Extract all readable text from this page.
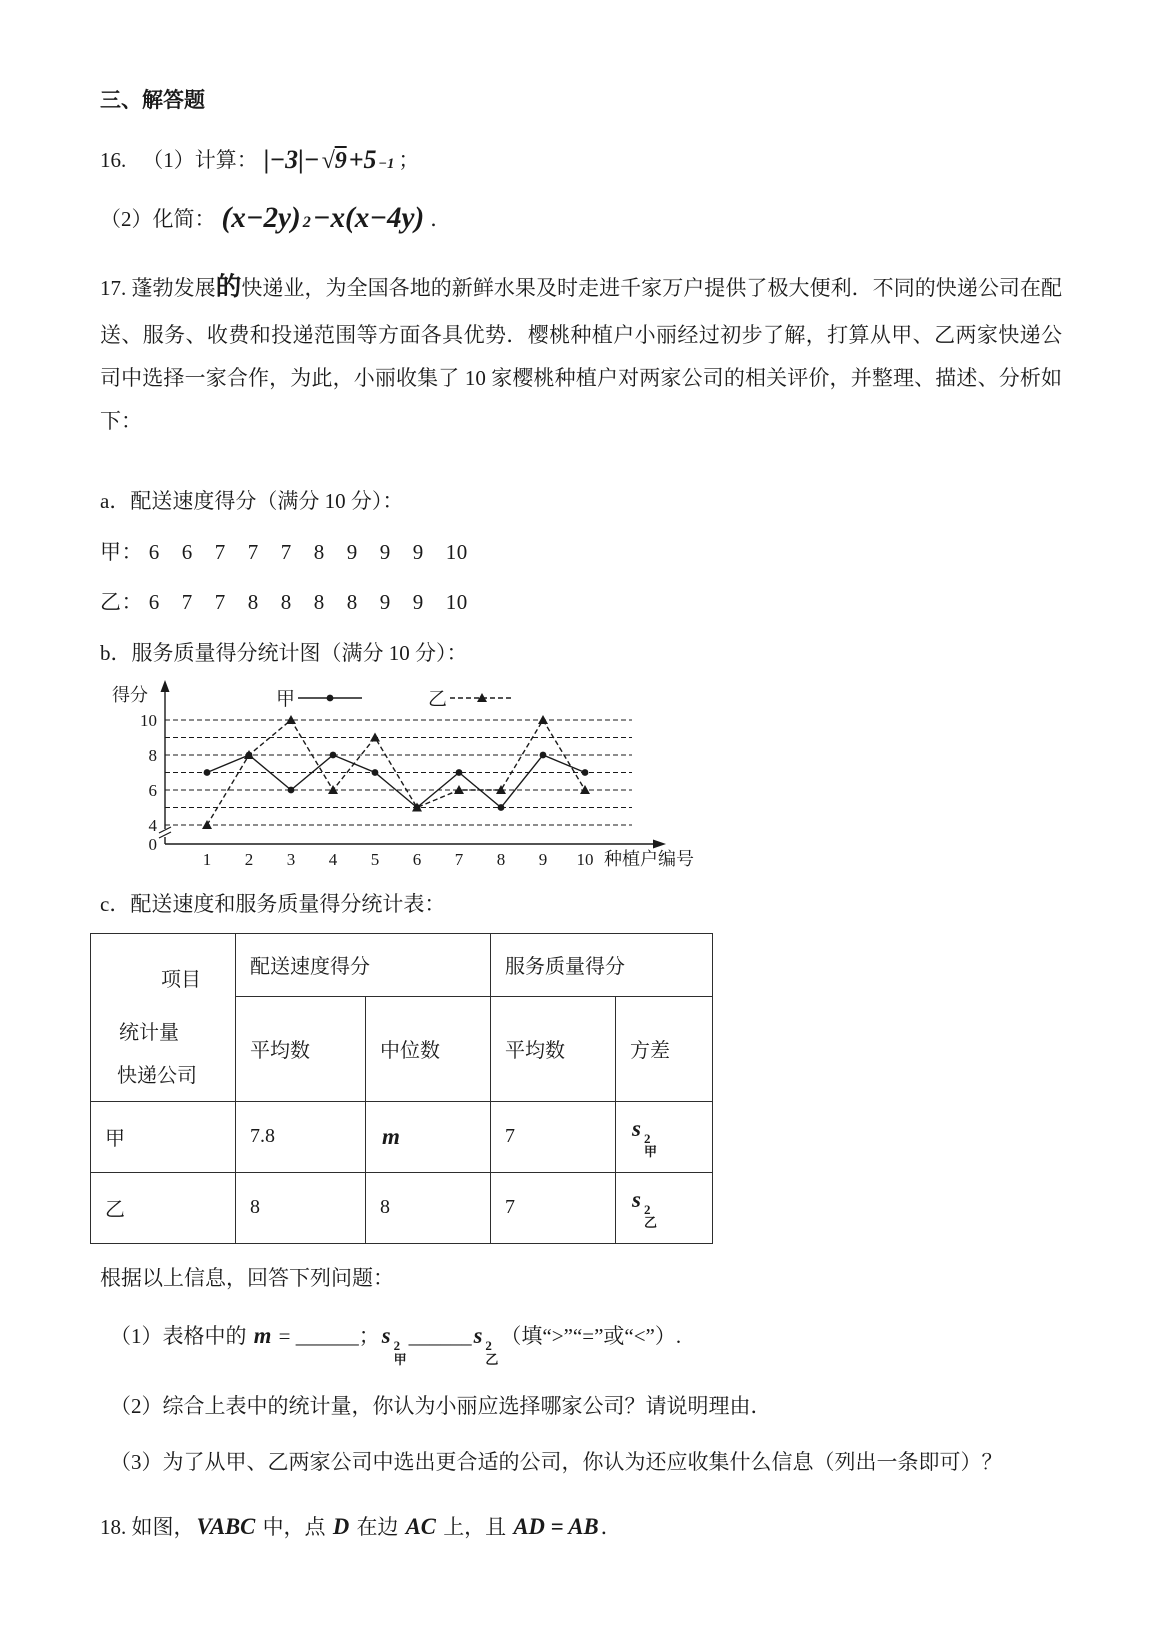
三、解答题
16. （1）计算： |−3|− √9 +5 −1 ；
（2）化简： (x−2y) 2 −x(x−4y) ．
17. 蓬勃发展的快递业，为全国各地的新鲜水果及时走进千家万户提供了极大便利．不同的快递公司在配送、服务、收费和投递范围等方面各具优势．樱桃种植户小丽经过初步了解，打算从甲、乙两家快递公司中选择一家合作，为此，小丽收集了 10 家樱桃种植户对两家公司的相关评价，并整理、描述、分析如下：
a．配送速度得分（满分 10 分）：
甲： 6  6  7  7  7  8  9  9  9  10
乙： 6  7  7  8  8  8  8  9  9  10
b．服务质量得分统计图（满分 10 分）：
10
8
6
4
0
得分
1 2 3 4 5 6 7 8 9 10 种植户编号
甲	乙
c．配送速度和服务质量得分统计表：
项目
统计量
快递公司	配送速度得分		服务质量得分	
	平均数	中位数	平均数	方差
甲	7.8	m	7	s 2
甲

乙	8	8	7	s 2
乙
根据以上信息，回答下列问题：
（1）表格中的 m = ______；s 2
甲
______s 2
乙
（填“>”“=”或“<”）.
（2）综合上表中的统计量，你认为小丽应选择哪家公司？请说明理由．
（3）为了从甲、乙两家公司中选出更合适的公司，你认为还应收集什么信息（列出一条即可）？
18. 如图，VABC 中，点 D 在边 AC 上，且 AD = AB．
